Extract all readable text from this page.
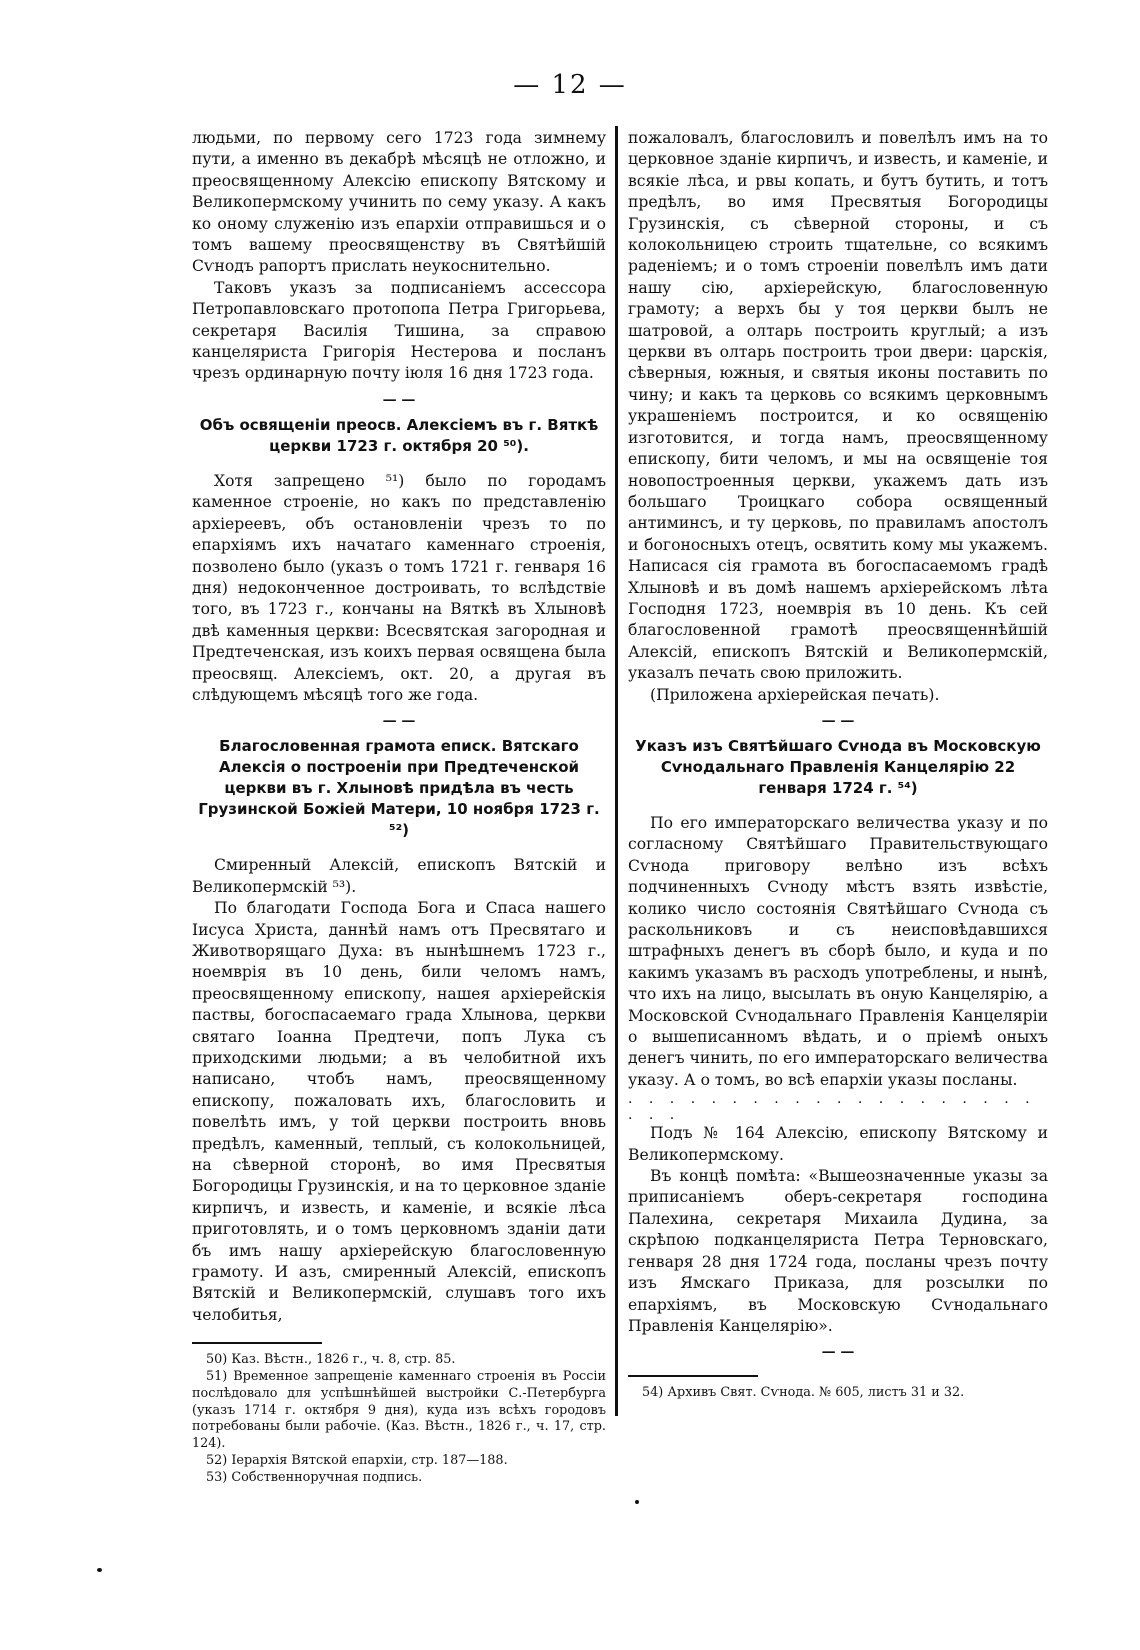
— 12 —

людьми, по первому сего 1723 года зимнему пути, а именно въ декабрѣ мѣсяцѣ не отложно, и преосвященному Алексію епископу Вятскому и Великопермскому учинить по сему указу. А какъ ко оному служенію изъ епархіи отправишься и о томъ вашему преосвященству въ Святѣйшій Сѵнодъ рапортъ прислать неукоснительно.

Таковъ указъ за подписаніемъ ассессора Петропавловскаго протопопа Петра Григорьева, секретаря Василія Тишина, за справою канцеляриста Григорія Нестерова и посланъ чрезъ ординарную почту іюля 16 дня 1723 года.

— —

Объ освященіи преосв. Алексіемъ въ г. Вяткѣ церкви 1723 г. октября 20 ⁵⁰).

Хотя запрещено ⁵¹) было по городамъ каменное строеніе, но какъ по представленію архіереевъ, объ остановленіи чрезъ то по епархіямъ ихъ начатаго каменнаго строенія, позволено было (указъ о томъ 1721 г. генваря 16 дня) недоконченное достроивать, то вслѣдствіе того, въ 1723 г., кончаны на Вяткѣ въ Хлыновѣ двѣ каменныя церкви: Всесвятская загородная и Предтеченская, изъ коихъ первая освящена была преосвящ. Алексіемъ, окт. 20, а другая въ слѣдующемъ мѣсяцѣ того же года.

— —

Благословенная грамота еписк. Вятскаго Алексія о построеніи при Предтеченской церкви въ г. Хлыновѣ придѣла въ честь Грузинской Божіей Матери, 10 ноября 1723 г. ⁵²)

Смиренный Алексій, епископъ Вятскій и Великопермскій ⁵³).

По благодати Господа Бога и Спаса нашего Іисуса Христа, даннѣй намъ отъ Пресвятаго и Животворящаго Духа: въ нынѣшнемъ 1723 г., ноемврія въ 10 день, били челомъ намъ, преосвященному епископу, нашея архіерейскія паствы, богоспасаемаго града Хлынова, церкви святаго Іоанна Предтечи, попъ Лука съ приходскими людьми; а въ челобитной ихъ написано, чтобъ намъ, преосвященному епископу, пожаловать ихъ, благословить и повелѣть имъ, у той церкви построить вновь предѣлъ, каменный, теплый, съ колокольницей, на сѣверной сторонѣ, во имя Пресвятыя Богородицы Грузинскія, и на то церковное зданіе кирпичъ, и известь, и каменіе, и всякіе лѣса приготовлять, и о томъ церковномъ зданіи дати бъ имъ нашу архіерейскую благословенную грамоту. И азъ, смиренный Алексій, епископъ Вятскій и Великопермскій, слушавъ того ихъ челобитья,

50) Каз. Вѣстн., 1826 г., ч. 8, стр. 85.

51) Временное запрещеніе каменнаго строенія въ Россіи послѣдовало для успѣшнѣйшей выстройки С.-Петербурга (указъ 1714 г. октября 9 дня), куда изъ всѣхъ городовъ потребованы были рабочіе. (Каз. Вѣстн., 1826 г., ч. 17, стр. 124).

52) Іерархія Вятской епархіи, стр. 187—188.

53) Собственноручная подпись.

пожаловалъ, благословилъ и повелѣлъ имъ на то церковное зданіе кирпичъ, и известь, и каменіе, и всякіе лѣса, и рвы копать, и бутъ бутить, и тотъ предѣлъ, во имя Пресвятыя Богородицы Грузинскія, съ сѣверной стороны, и съ колокольницею строить тщательне, со всякимъ раденіемъ; и о томъ строеніи повелѣлъ имъ дати нашу сію, архіерейскую, благословенную грамоту; а верхъ бы у тоя церкви былъ не шатровой, а олтарь построить круглый; а изъ церкви въ олтарь построить трои двери: царскія, сѣверныя, южныя, и святыя иконы поставить по чину; и какъ та церковь со всякимъ церковнымъ украшеніемъ построится, и ко освященію изготовится, и тогда намъ, преосвященному епископу, бити челомъ, и мы на освященіе тоя новопостроенныя церкви, укажемъ дать изъ большаго Троицкаго собора освященный антиминсъ, и ту церковь, по правиламъ апостолъ и богоносныхъ отецъ, освятить кому мы укажемъ. Написася сія грамота въ богоспасаемомъ градѣ Хлыновѣ и въ домѣ нашемъ архіерейскомъ лѣта Господня 1723, ноемврія въ 10 день. Къ сей благословенной грамотѣ преосвященнѣйшій Алексій, епископъ Вятскій и Великопермскій, указалъ печать свою приложить.

(Приложена архіерейская печать).

— —

Указъ изъ Святѣйшаго Сѵнода въ Московскую Сѵнодальнаго Правленія Канцелярію 22 генваря 1724 г. ⁵⁴)

По его императорскаго величества указу и по согласному Святѣйшаго Правительствующаго Сѵнода приговору велѣно изъ всѣхъ подчиненныхъ Сѵноду мѣстъ взять извѣстіе, колико число состоянія Святѣйшаго Сѵнода съ раскольниковъ и съ неисповѣдавшихся штрафныхъ денегъ въ сборѣ было, и куда и по какимъ указамъ въ расходъ употреблены, и нынѣ, что ихъ на лицо, высылать въ оную Канцелярію, а Московской Сѵнодальнаго Правленія Канцеляріи о вышеписанномъ вѣдать, и о пріемѣ оныхъ денегъ чинить, по его императорскаго величества указу. А о томъ, во всѣ епархіи указы посланы.

. . . . . . . . . . . . . . . . . . . . . . .

Подъ № 164 Алексію, епископу Вятскому и Великопермскому.

Въ концѣ помѣта: «Вышеозначенные указы за приписаніемъ оберъ-секретаря господина Палехина, секретаря Михаила Дудина, за скрѣпою подканцеляриста Петра Терновскаго, генваря 28 дня 1724 года, посланы чрезъ почту изъ Ямскаго Приказа, для розсылки по епархіямъ, въ Московскую Сѵнодальнаго Правленія Канцелярію».

— —

54) Архивъ Свят. Сѵнода. № 605, листъ 31 и 32.
